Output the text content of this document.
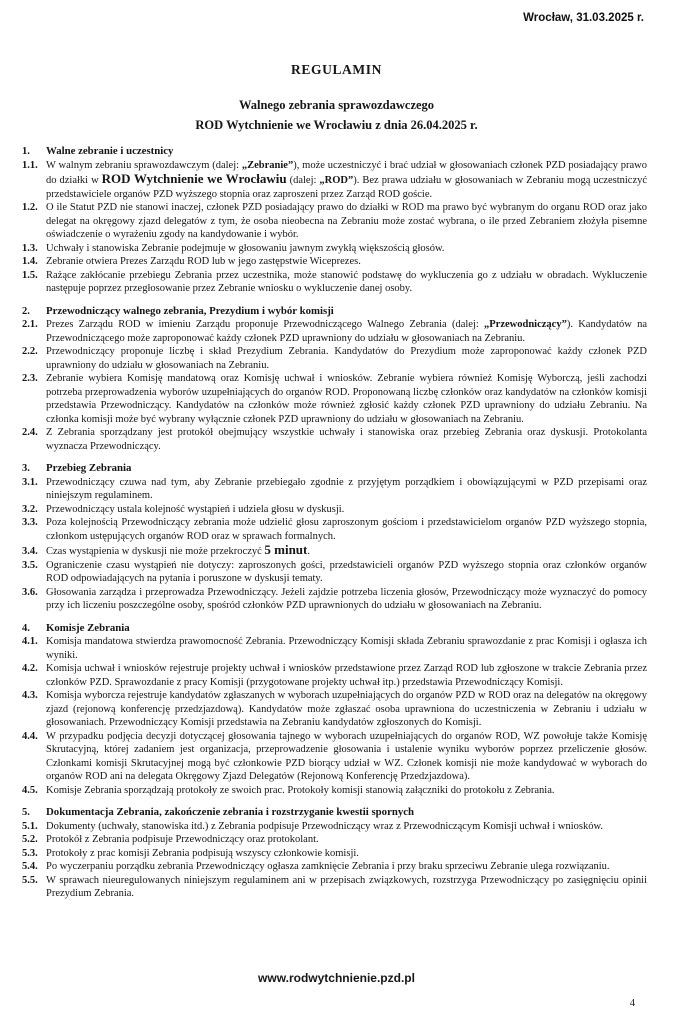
Wrocław, 31.03.2025 r.
REGULAMIN
Walnego zebrania sprawozdawczego
ROD Wytchnienie we Wrocławiu z dnia 26.04.2025 r.
1.	Walne zebranie i uczestnicy

1.1. W walnym zebraniu sprawozdawczym (dalej: „Zebranie”), może uczestniczyć i brać udział w głosowaniach członek PZD posiadający prawo do działki w ROD Wytchnienie we Wrocławiu (dalej: „ROD”). Bez prawa udziału w głosowaniach w Zebraniu mogą uczestniczyć przedstawiciele organów PZD wyższego stopnia oraz zaproszeni przez Zarząd ROD goście.

1.2. O ile Statut PZD nie stanowi inaczej, członek PZD posiadający prawo do działki w ROD ma prawo być wybranym do organu ROD oraz jako delegat na okręgowy zjazd delegatów z tym, że osoba nieobecna na Zebraniu może zostać wybrana, o ile przed Zebraniem złożyła pisemne oświadczenie o wyrażeniu zgody na kandydowanie i wybór.

1.3. Uchwały i stanowiska Zebranie podejmuje w głosowaniu jawnym zwykłą większością głosów.

1.4. Zebranie otwiera Prezes Zarządu ROD lub w jego zastępstwie Wiceprezes.

1.5. Rażące zakłócanie przebiegu Zebrania przez uczestnika, może stanowić podstawę do wykluczenia go z udziału w obradach. Wykluczenie następuje poprzez przegłosowanie przez Zebranie wniosku o wykluczenie danej osoby.

2.	Przewodniczący walnego zebrania, Prezydium i wybór komisji

2.1. Prezes Zarządu ROD w imieniu Zarządu proponuje Przewodniczącego Walnego Zebrania (dalej: „Przewodniczący”). Kandydatów na Przewodniczącego może zaproponować każdy członek PZD uprawniony do udziału w głosowaniach na Zebraniu.

2.2. Przewodniczący proponuje liczbę i skład Prezydium Zebrania. Kandydatów do Prezydium może zaproponować każdy członek PZD uprawniony do udziału w głosowaniach na Zebraniu.

2.3. Zebranie wybiera Komisję mandatową oraz Komisję uchwał i wniosków. Zebranie wybiera również Komisję Wyborczą, jeśli zachodzi potrzeba przeprowadzenia wyborów uzupełniających do organów ROD. Proponowaną liczbę członków oraz kandydatów na członków komisji przedstawia Przewodniczący. Kandydatów na członków może również zgłosić każdy członek PZD uprawniony do udziału Zebraniu. Na członka komisji może być wybrany wyłącznie członek PZD uprawniony do udziału w głosowaniach na Zebraniu.

2.4. Z Zebrania sporządzany jest protokół obejmujący wszystkie uchwały i stanowiska oraz przebieg Zebrania oraz dyskusji. Protokolanta wyznacza Przewodniczący.

3.	Przebieg Zebrania

3.1. Przewodniczący czuwa nad tym, aby Zebranie przebiegało zgodnie z przyjętym porządkiem i obowiązującymi w PZD przepisami oraz niniejszym regulaminem.

3.2. Przewodniczący ustala kolejność wystąpień i udziela głosu w dyskusji.

3.3. Poza kolejnością Przewodniczący zebrania może udzielić głosu zaproszonym gościom i przedstawicielom organów PZD wyższego stopnia, członkom ustępujących organów ROD oraz w sprawach formalnych.

3.4. Czas wystąpienia w dyskusji nie może przekroczyć 5 minut.

3.5. Ograniczenie czasu wystąpień nie dotyczy: zaproszonych gości, przedstawicieli organów PZD wyższego stopnia oraz członków organów ROD odpowiadających na pytania i poruszone w dyskusji tematy.

3.6. Głosowania zarządza i przeprowadza Przewodniczący. Jeżeli zajdzie potrzeba liczenia głosów, Przewodniczący może wyznaczyć do pomocy przy ich liczeniu poszczególne osoby, spośród członków PZD uprawnionych do udziału w głosowaniach na Zebraniu.

4.	Komisje Zebrania

4.1. Komisja mandatowa stwierdza prawomocność Zebrania. Przewodniczący Komisji składa Zebraniu sprawozdanie z prac Komisji i ogłasza ich wyniki.

4.2. Komisja uchwał i wniosków rejestruje projekty uchwał i wniosków przedstawione przez Zarząd ROD lub zgłoszone w trakcie Zebrania przez członków PZD. Sprawozdanie z pracy Komisji (przygotowane projekty uchwał itp.) przedstawia Przewodniczący Komisji.

4.3. Komisja wyborcza rejestruje kandydatów zgłaszanych w wyborach uzupełniających do organów PZD w ROD oraz na delegatów na okręgowy zjazd (rejonową konferencję przedzjazdową). Kandydatów może zgłaszać osoba uprawniona do uczestniczenia w Zebraniu i udziału w głosowaniach. Przewodniczący Komisji przedstawia na Zebraniu kandydatów zgłoszonych do Komisji.

4.4. W przypadku podjęcia decyzji dotyczącej głosowania tajnego w wyborach uzupełniających do organów ROD, WZ powołuje także Komisję Skrutacyjną, której zadaniem jest organizacja, przeprowadzenie głosowania i ustalenie wyniku wyborów poprzez przeliczenie głosów. Członkami komisji Skrutacyjnej mogą być członkowie PZD biorący udział w WZ. Członek komisji nie może kandydować w wyborach do organów ROD ani na delegata Okręgowy Zjazd Delegatów (Rejonową Konferencję Przedzjazdowa).

4.5. Komisje Zebrania sporządzają protokoły ze swoich prac. Protokoły komisji stanowią załączniki do protokołu z Zebrania.

5.	Dokumentacja Zebrania, zakończenie zebrania i rozstrzyganie kwestii spornych

5.1. Dokumenty (uchwały, stanowiska itd.) z Zebrania podpisuje Przewodniczący wraz z Przewodniczącym Komisji uchwał i wniosków.

5.2. Protokół z Zebrania podpisuje Przewodniczący oraz protokolant.

5.3. Protokoły z prac komisji Zebrania podpisują wszyscy członkowie komisji.

5.4. Po wyczerpaniu porządku zebrania Przewodniczący ogłasza zamknięcie Zebrania i przy braku sprzeciwu Zebranie ulega rozwiązaniu.

5.5. W sprawach nieuregulowanych niniejszym regulaminem ani w przepisach związkowych, rozstrzyga Przewodniczący po zasięgnięciu opinii Prezydium Zebrania.

www.rodwytchnienie.pzd.pl
4
